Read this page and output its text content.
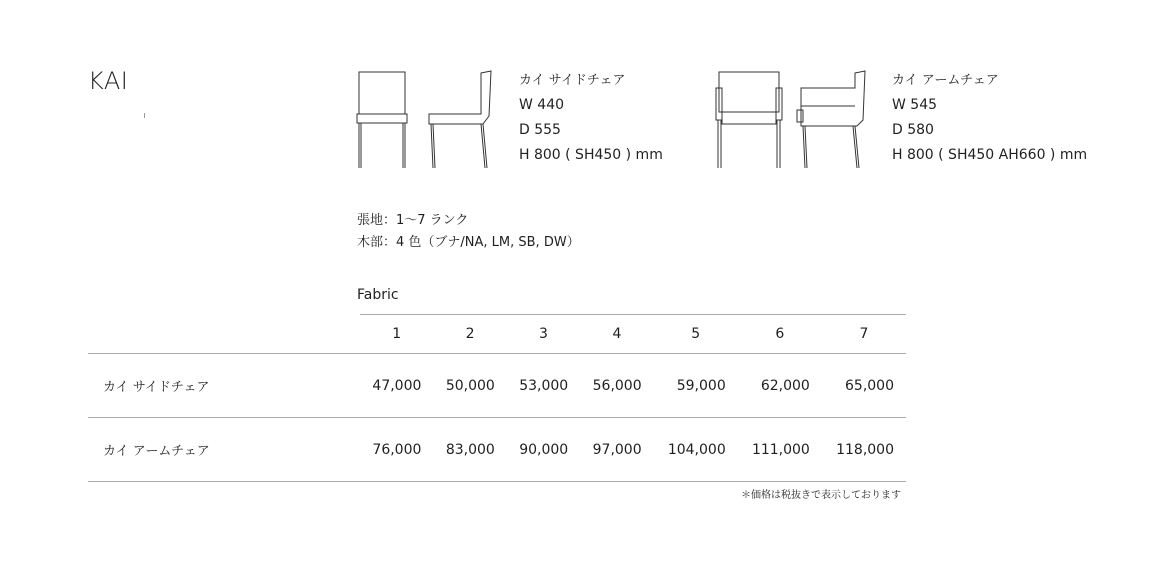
KAI	カイ サイドチェア
W 440
D 555
H 800 ( SH450 ) mm
カイ アームチェア
W 545
D 580
H 800 ( SH450 AH660 ) mm
張地：1〜7 ランク
木部：4 色（ブナ/NA, LM, SB, DW）
Fabric
	1	2	3	4	5	6	7
カイ サイドチェア	47,000	50,000	53,000	56,000	59,000	62,000	65,000
カイ アームチェア	76,000	83,000	90,000	97,000	104,000	111,000	118,000
＊価格は税抜きで表示しております
